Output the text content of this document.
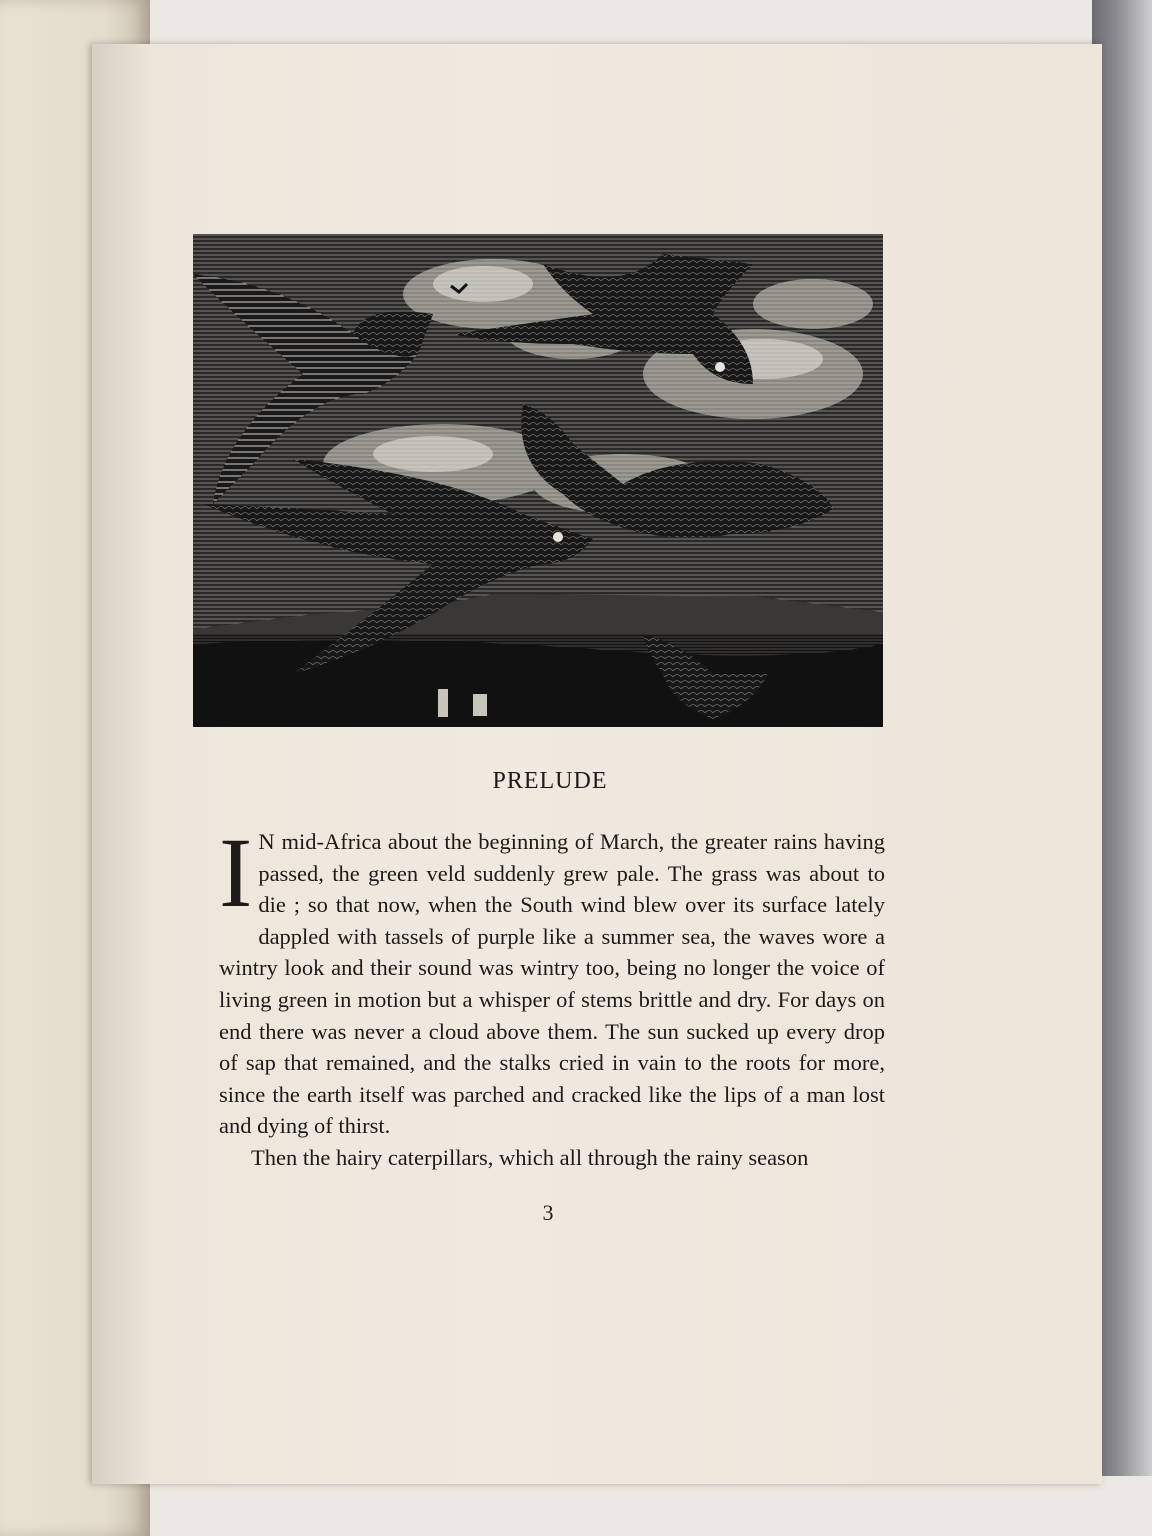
PRELUDE

I N mid-Africa about the beginning of March, the greater rains having passed, the green veld suddenly grew pale. The grass was about to die ; so that now, when the South wind blew over its surface lately dappled with tassels of purple like a summer sea, the waves wore a wintry look and their sound was wintry too, being no longer the voice of living green in motion but a whisper of stems brittle and dry. For days on end there was never a cloud above them. The sun sucked up every drop of sap that remained, and the stalks cried in vain to the roots for more, since the earth itself was parched and cracked like the lips of a man lost and dying of thirst.

Then the hairy caterpillars, which all through the rainy season

3
